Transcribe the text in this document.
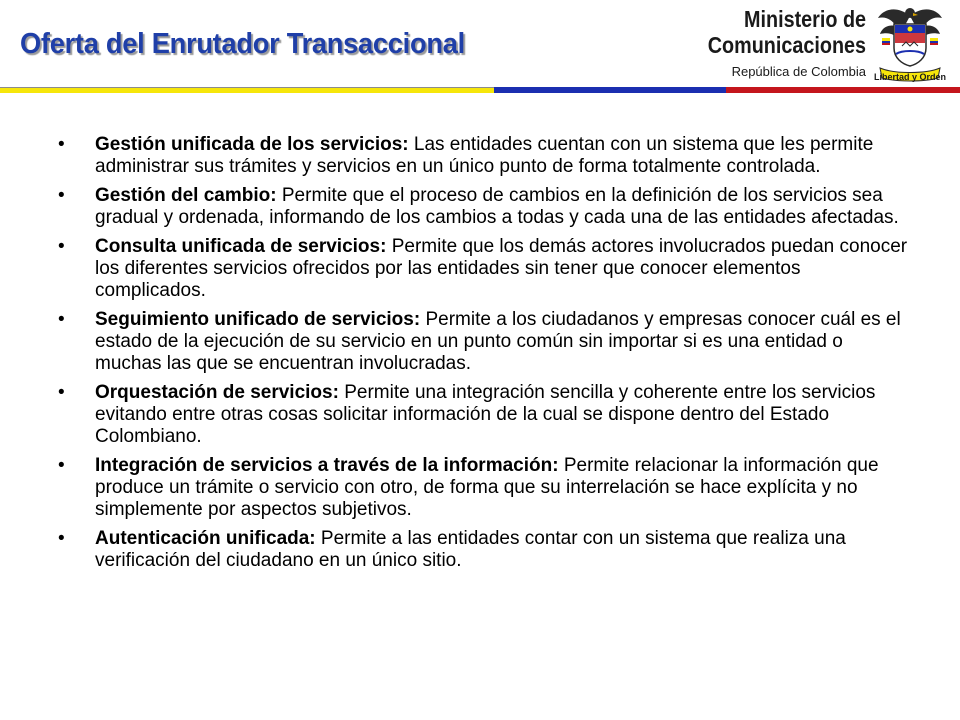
Oferta del Enrutador Transaccional
Ministerio de
Comunicaciones
República de Colombia Libertad y Orden
• Gestión unificada de los servicios: Las entidades cuentan con un sistema que les permite administrar sus trámites y servicios en un único punto de forma totalmente controlada.
• Gestión del cambio: Permite que el proceso de cambios en la definición de los servicios sea gradual y ordenada, informando de los cambios a todas y cada una de las entidades afectadas.
• Consulta unificada de servicios: Permite que los demás actores involucrados puedan conocer los diferentes servicios ofrecidos por las entidades sin tener que conocer elementos complicados.
• Seguimiento unificado de servicios: Permite a los ciudadanos y empresas conocer cuál es el estado de la ejecución de su servicio en un punto común sin importar si es una entidad o muchas las que se encuentran involucradas.
• Orquestación de servicios: Permite una integración sencilla y coherente entre los servicios evitando entre otras cosas solicitar información de la cual se dispone dentro del Estado Colombiano.
• Integración de servicios a través de la información: Permite relacionar la información que produce un trámite o servicio con otro, de forma que su interrelación se hace explícita y no simplemente por aspectos subjetivos.
• Autenticación unificada: Permite a las entidades contar con un sistema que realiza una verificación del ciudadano en un único sitio.
